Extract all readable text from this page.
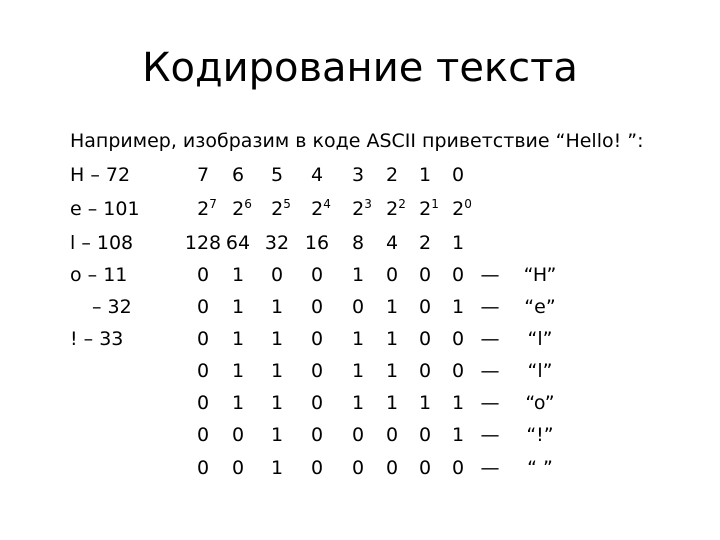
Кодирование текста
Например, изобразим в коде ASCII приветствие “Hello! ”:
H – 72
e – 101
l – 108
o – 11
– 32
! – 33
7 6 5 4 3 2 1 0
$2^7$ $2^6$ $2^5$ $2^4$ $2^3$ $2^2$ $2^1$ $2^0$
128 64 32 16 8 4 2 1
0 1 0 0 1 0 0 0 — “H”
0 1 1 0 0 1 0 1 — “e”
0 1 1 0 1 1 0 0 — “l”
0 1 1 0 1 1 0 0 — “l”
0 1 1 0 1 1 1 1 — “o”
0 0 1 0 0 0 0 1 — “!”
0 0 1 0 0 0 0 0 — “ ”
